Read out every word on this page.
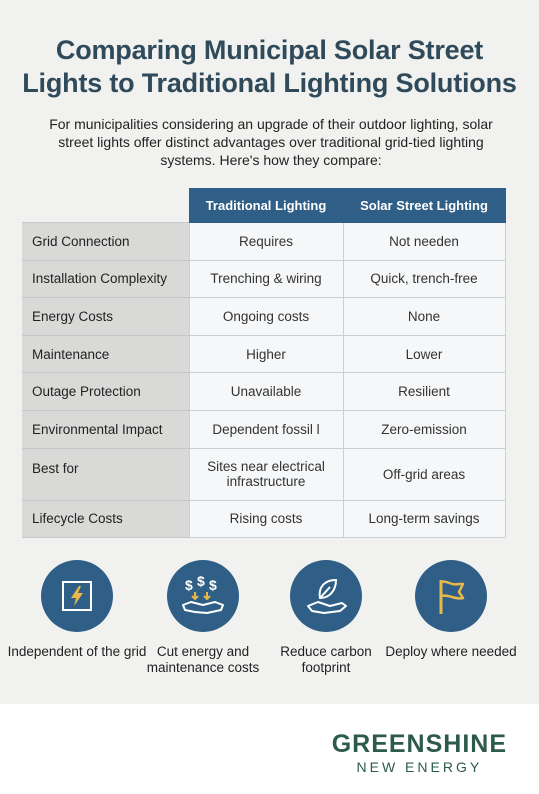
Comparing Municipal Solar Street
Lights to Traditional Lighting Solutions

For municipalities considering an upgrade of their outdoor lighting, solar street lights offer distinct advantages over traditional grid-tied lighting systems. Here's how they compare:

	Traditional Lighting	Solar Street Lighting
Grid Connection	Requires	Not needen
Installation Complexity	Trenching & wiring	Quick, trench-free
Energy Costs	Ongoing costs	None
Maintenance	Higher	Lower
Outage Protection	Unavailable	Resilient
Environmental Impact	Dependent fossil l	Zero-emission
Best for	Sites near electrical infrastructure	Off-grid areas
Lifecycle Costs	Rising costs	Long-term savings
Independent of the grid
$ $ $
Cut energy and maintenance costs
Reduce carbon footprint
Deploy where needed
GREENSHINE
NEW ENERGY
